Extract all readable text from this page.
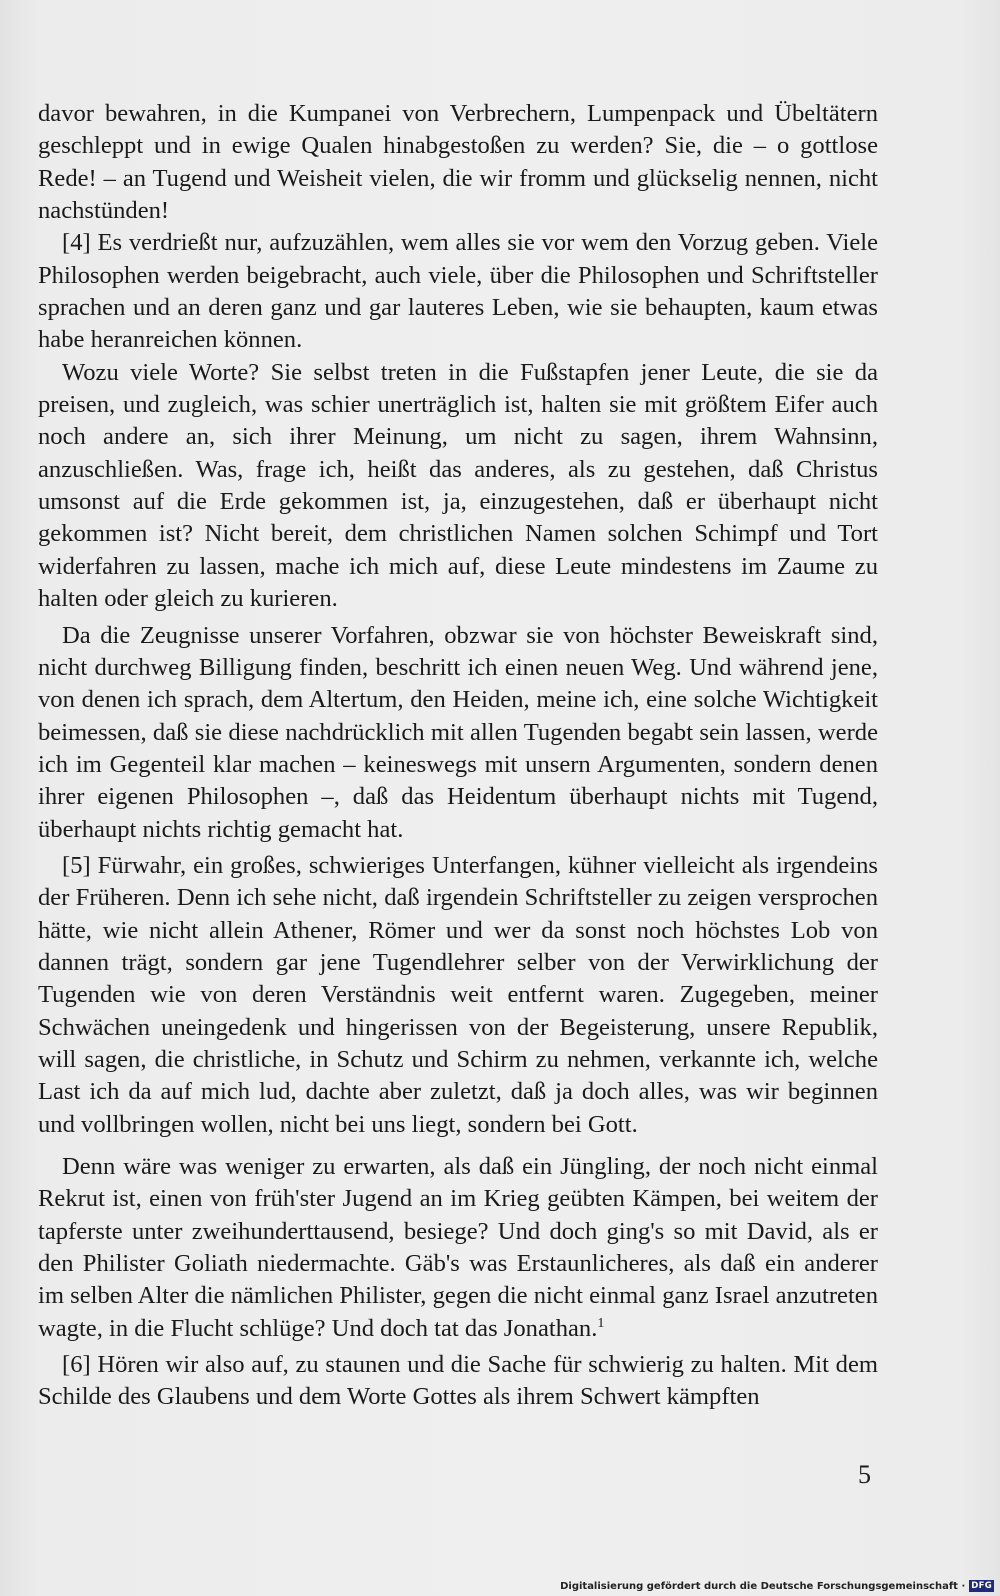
davor bewahren, in die Kumpanei von Verbrechern, Lumpenpack und Übeltätern geschleppt und in ewige Qualen hinabgestoßen zu werden? Sie, die – o gottlose Rede! – an Tugend und Weisheit vielen, die wir fromm und glückselig nennen, nicht nachstünden!

[4] Es verdrießt nur, aufzuzählen, wem alles sie vor wem den Vorzug geben. Viele Philosophen werden beigebracht, auch viele, über die Philosophen und Schriftsteller sprachen und an deren ganz und gar lauteres Leben, wie sie behaupten, kaum etwas habe heranreichen können.

Wozu viele Worte? Sie selbst treten in die Fußstapfen jener Leute, die sie da preisen, und zugleich, was schier unerträglich ist, halten sie mit größtem Eifer auch noch andere an, sich ihrer Meinung, um nicht zu sagen, ihrem Wahnsinn, anzuschließen. Was, frage ich, heißt das anderes, als zu gestehen, daß Christus umsonst auf die Erde gekommen ist, ja, einzugestehen, daß er überhaupt nicht gekommen ist? Nicht bereit, dem christlichen Namen solchen Schimpf und Tort widerfahren zu lassen, mache ich mich auf, diese Leute mindestens im Zaume zu halten oder gleich zu kurieren.

Da die Zeugnisse unserer Vorfahren, obzwar sie von höchster Beweiskraft sind, nicht durchweg Billigung finden, beschritt ich einen neuen Weg. Und während jene, von denen ich sprach, dem Altertum, den Heiden, meine ich, eine solche Wichtigkeit beimessen, daß sie diese nachdrücklich mit allen Tugenden begabt sein lassen, werde ich im Gegenteil klar machen – keineswegs mit unsern Argumenten, sondern denen ihrer eigenen Philosophen –, daß das Heidentum überhaupt nichts mit Tugend, überhaupt nichts richtig gemacht hat.

[5] Fürwahr, ein großes, schwieriges Unterfangen, kühner vielleicht als irgendeins der Früheren. Denn ich sehe nicht, daß irgendein Schriftsteller zu zeigen versprochen hätte, wie nicht allein Athener, Römer und wer da sonst noch höchstes Lob von dannen trägt, sondern gar jene Tugendlehrer selber von der Verwirklichung der Tugenden wie von deren Verständnis weit entfernt waren. Zugegeben, meiner Schwächen uneingedenk und hingerissen von der Begeisterung, unsere Republik, will sagen, die christliche, in Schutz und Schirm zu nehmen, verkannte ich, welche Last ich da auf mich lud, dachte aber zuletzt, daß ja doch alles, was wir beginnen und vollbringen wollen, nicht bei uns liegt, sondern bei Gott.

Denn wäre was weniger zu erwarten, als daß ein Jüngling, der noch nicht einmal Rekrut ist, einen von früh'ster Jugend an im Krieg geübten Kämpen, bei weitem der tapferste unter zweihunderttausend, besiege? Und doch ging's so mit David, als er den Philister Goliath niedermachte. Gäb's was Erstaunlicheres, als daß ein anderer im selben Alter die nämlichen Philister, gegen die nicht einmal ganz Israel anzutreten wagte, in die Flucht schlüge? Und doch tat das Jonathan.$^1$

[6] Hören wir also auf, zu staunen und die Sache für schwierig zu halten. Mit dem Schilde des Glaubens und dem Worte Gottes als ihrem Schwert kämpften

5
Digitalisierung gefördert durch die Deutsche Forschungsgemeinschaft · DFG
